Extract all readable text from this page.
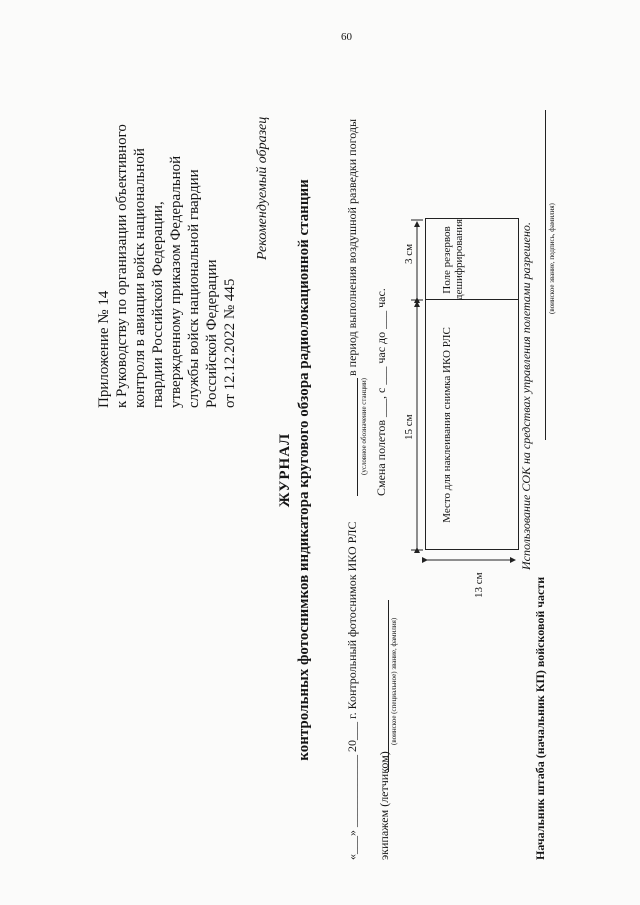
60
Приложение № 14 к Руководству по организации объективного контроля в авиации войск национальной гвардии Российской Федерации, утвержденному приказом Федеральной службы войск национальной гвардии Российской Федерации от 12.12.2022 № 445
Рекомендуемый образец
ЖУРНАЛ контрольных фотоснимков индикатора кругового обзора радиолокационной станции	«___» ____________ 20___ г. Контрольный фотоснимок ИКО РЛС
(условное обозначение станции)
в период выполнения воздушной разведки погоды
экипажем (летчиком)
(воинское (специальное) звание, фамилия)
Смена полетов ___, с ___ час до ___ час.	Место для наклеивания снимка ИКО РЛС
Поле резервов дешифрирования
15 см
3 см
13 см
Использование СОК на средствах управления полетами разрешено.
Начальник штаба (начальник КП) войсковой части
(воинское звание, подпись, фамилия)
